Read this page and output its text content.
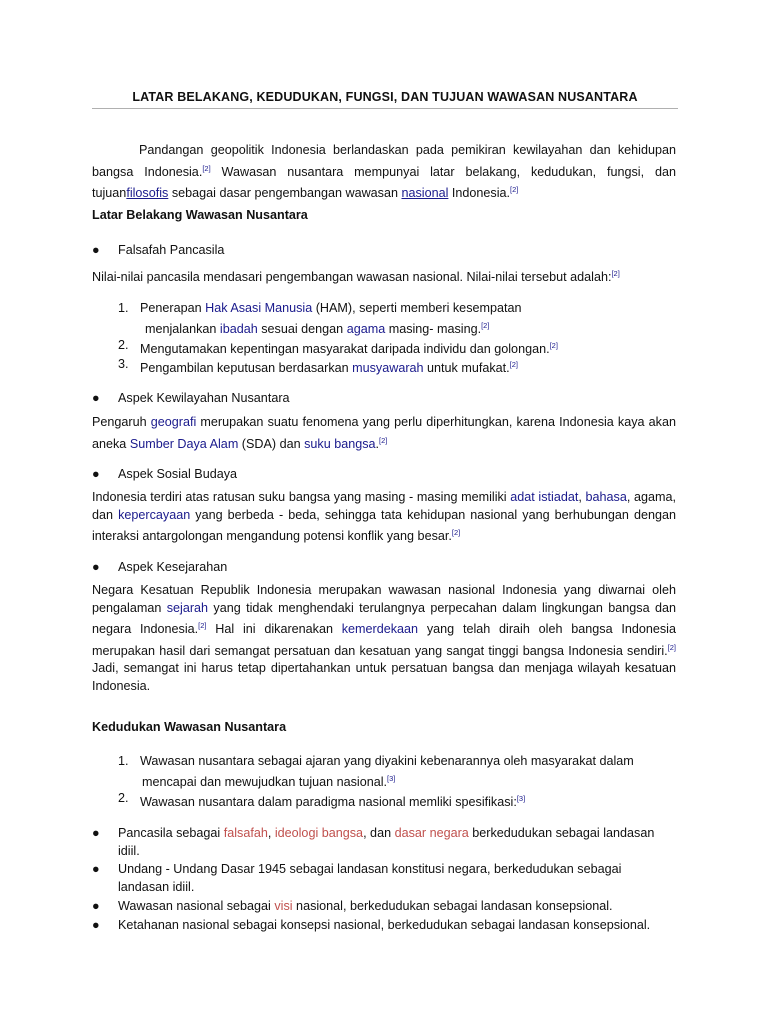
LATAR BELAKANG, KEDUDUKAN, FUNGSI, DAN TUJUAN WAWASAN NUSANTARA
Pandangan geopolitik Indonesia berlandaskan pada pemikiran kewilayahan dan kehidupan bangsa Indonesia.[2] Wawasan nusantara mempunyai latar belakang, kedudukan, fungsi, dan tujuanfilosofis sebagai dasar pengembangan wawasan nasional Indonesia.[2]
Latar Belakang Wawasan Nusantara
● Falsafah Pancasila
Nilai-nilai pancasila mendasari pengembangan wawasan nasional. Nilai-nilai tersebut adalah:[2]
1. Penerapan Hak Asasi Manusia (HAM), seperti memberi kesempatan
menjalankan ibadah sesuai dengan agama masing- masing.[2]
2. Mengutamakan kepentingan masyarakat daripada individu dan golongan.[2]
3. Pengambilan keputusan berdasarkan musyawarah untuk mufakat.[2]
● Aspek Kewilayahan Nusantara
Pengaruh geografi merupakan suatu fenomena yang perlu diperhitungkan, karena Indonesia kaya akan aneka Sumber Daya Alam (SDA) dan suku bangsa.[2]
● Aspek Sosial Budaya
Indonesia terdiri atas ratusan suku bangsa yang masing - masing memiliki adat istiadat, bahasa, agama, dan kepercayaan yang berbeda - beda, sehingga tata kehidupan nasional yang berhubungan dengan interaksi antargolongan mengandung potensi konflik yang besar.[2]
● Aspek Kesejarahan
Negara Kesatuan Republik Indonesia merupakan wawasan nasional Indonesia yang diwarnai oleh pengalaman sejarah yang tidak menghendaki terulangnya perpecahan dalam lingkungan bangsa dan negara Indonesia.[2] Hal ini dikarenakan kemerdekaan yang telah diraih oleh bangsa Indonesia merupakan hasil dari semangat persatuan dan kesatuan yang sangat tinggi bangsa Indonesia sendiri.[2] Jadi, semangat ini harus tetap dipertahankan untuk persatuan bangsa dan menjaga wilayah kesatuan Indonesia.
Kedudukan Wawasan Nusantara
1. Wawasan nusantara sebagai ajaran yang diyakini kebenarannya oleh masyarakat dalam
mencapai dan mewujudkan tujuan nasional.[3]
2. Wawasan nusantara dalam paradigma nasional memliki spesifikasi:[3]
● Pancasila sebagai falsafah, ideologi bangsa, dan dasar negara berkedudukan sebagai landasan
idiil.
● Undang - Undang Dasar 1945 sebagai landasan konstitusi negara, berkedudukan sebagai
landasan idiil.
● Wawasan nasional sebagai visi nasional, berkedudukan sebagai landasan konsepsional.
● Ketahanan nasional sebagai konsepsi nasional, berkedudukan sebagai landasan konsepsional.
